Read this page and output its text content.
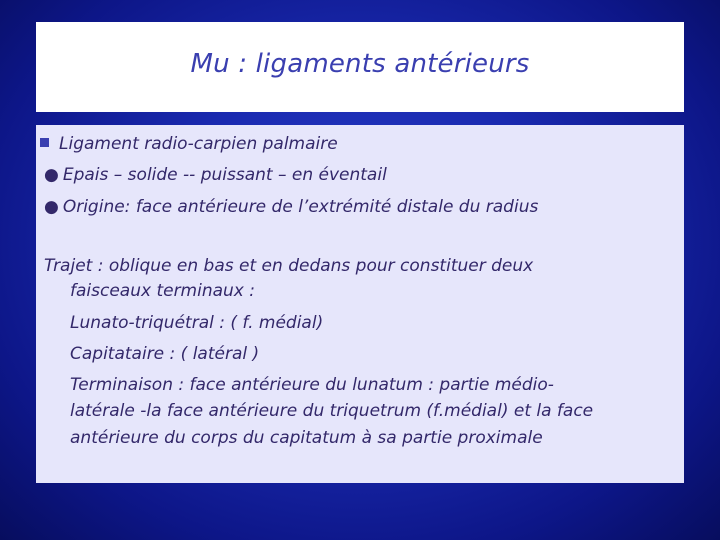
Mu : ligaments antérieurs
Ligament radio-carpien palmaire
● Epais – solide -- puissant – en éventail
● Origine: face antérieure de l’extrémité distale du radius
Trajet : oblique en bas et en dedans pour constituer deux
faisceaux terminaux :
Lunato-triquétral : ( f. médial)
Capitataire : ( latéral )
Terminaison : face antérieure du lunatum : partie médio-
latérale -la face antérieure du triquetrum (f.médial) et la face
antérieure du corps du capitatum à sa partie proximale
